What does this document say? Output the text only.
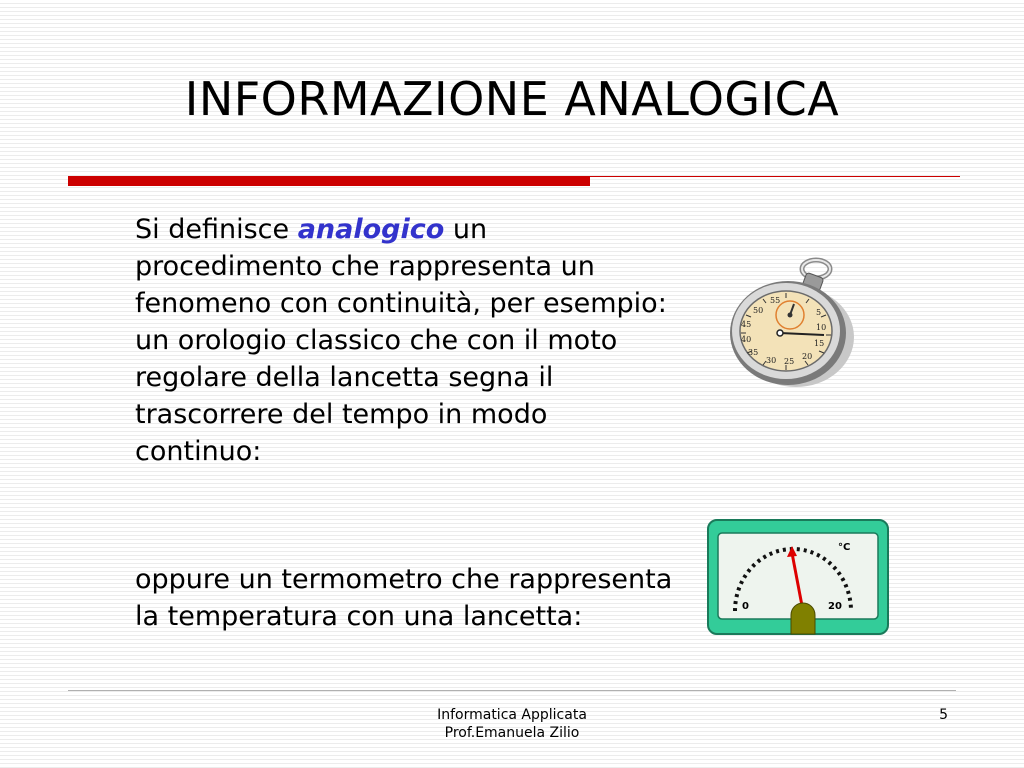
INFORMAZIONE ANALOGICA

Si definisce analogico un procedimento che rappresenta un fenomeno con continuità, per esempio: un orologio classico che con il moto regolare della lancetta segna il trascorrere del tempo in modo continuo:

oppure un termometro che rappresenta la temperatura con una lancetta:

5
10
15
20
25
30
35
40
45
50
55
°C
0	20
Informatica Applicata
Prof.Emanuela Zilio
5
